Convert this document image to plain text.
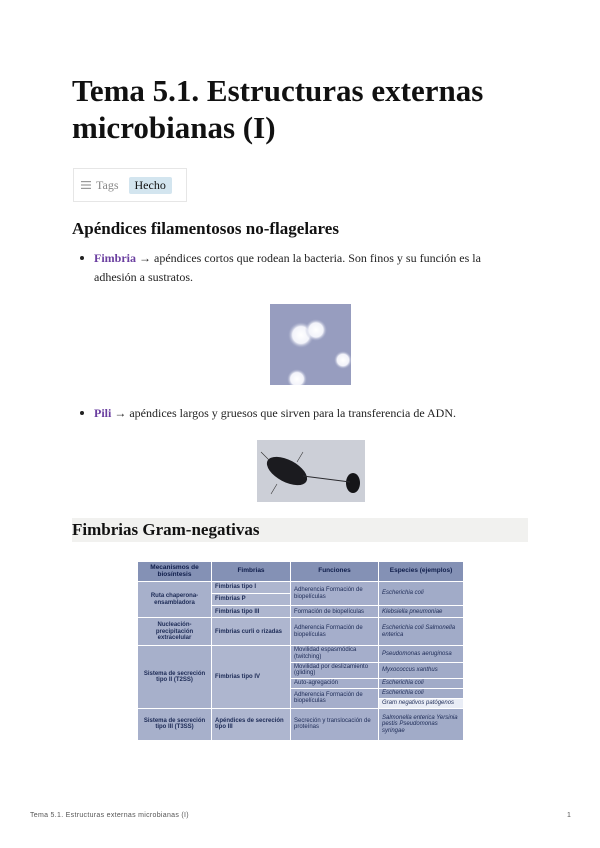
Tema 5.1. Estructuras externas microbianas (I)
Tags	Hecho
Apéndices filamentosos no-flagelares
Fimbria → apéndices cortos que rodean la bacteria. Son finos y su función es la adhesión a sustratos.
Pili → apéndices largos y gruesos que sirven para la transferencia de ADN.
Fimbrias Gram-negativas
Mecanismos de biosíntesis	Fimbrias	Funciones	Especies (ejemplos)
Ruta chaperona-ensambladora	Fimbrias tipo I	Adherencia Formación de biopelículas	Escherichia coli
	Fimbrias P		
	Fimbrias tipo III	Formación de biopelículas	Klebsiella pneumoniae
Nucleación-precipitación extracelular	Fimbrias curli o rizadas	Adherencia Formación de biopelículas	Escherichia coli Salmonella enterica
Sistema de secreción tipo II (T2SS)	Fimbrias tipo IV	Movilidad espasmódica (twitching)	Pseudomonas aeruginosa
		Movilidad por deslizamiento (gliding)	Myxococcus xanthus
		Auto-agregación	Escherichia coli
		Adherencia Formación de biopelículas	Escherichia coli
			Gram negativos patógenos
Sistema de secreción tipo III (T3SS)	Apéndices de secreción tipo III	Secreción y translocación de proteínas	Salmonella enterica Yersinia pestis Pseudomonas syringae
Tema 5.1. Estructuras externas microbianas (I)	1
